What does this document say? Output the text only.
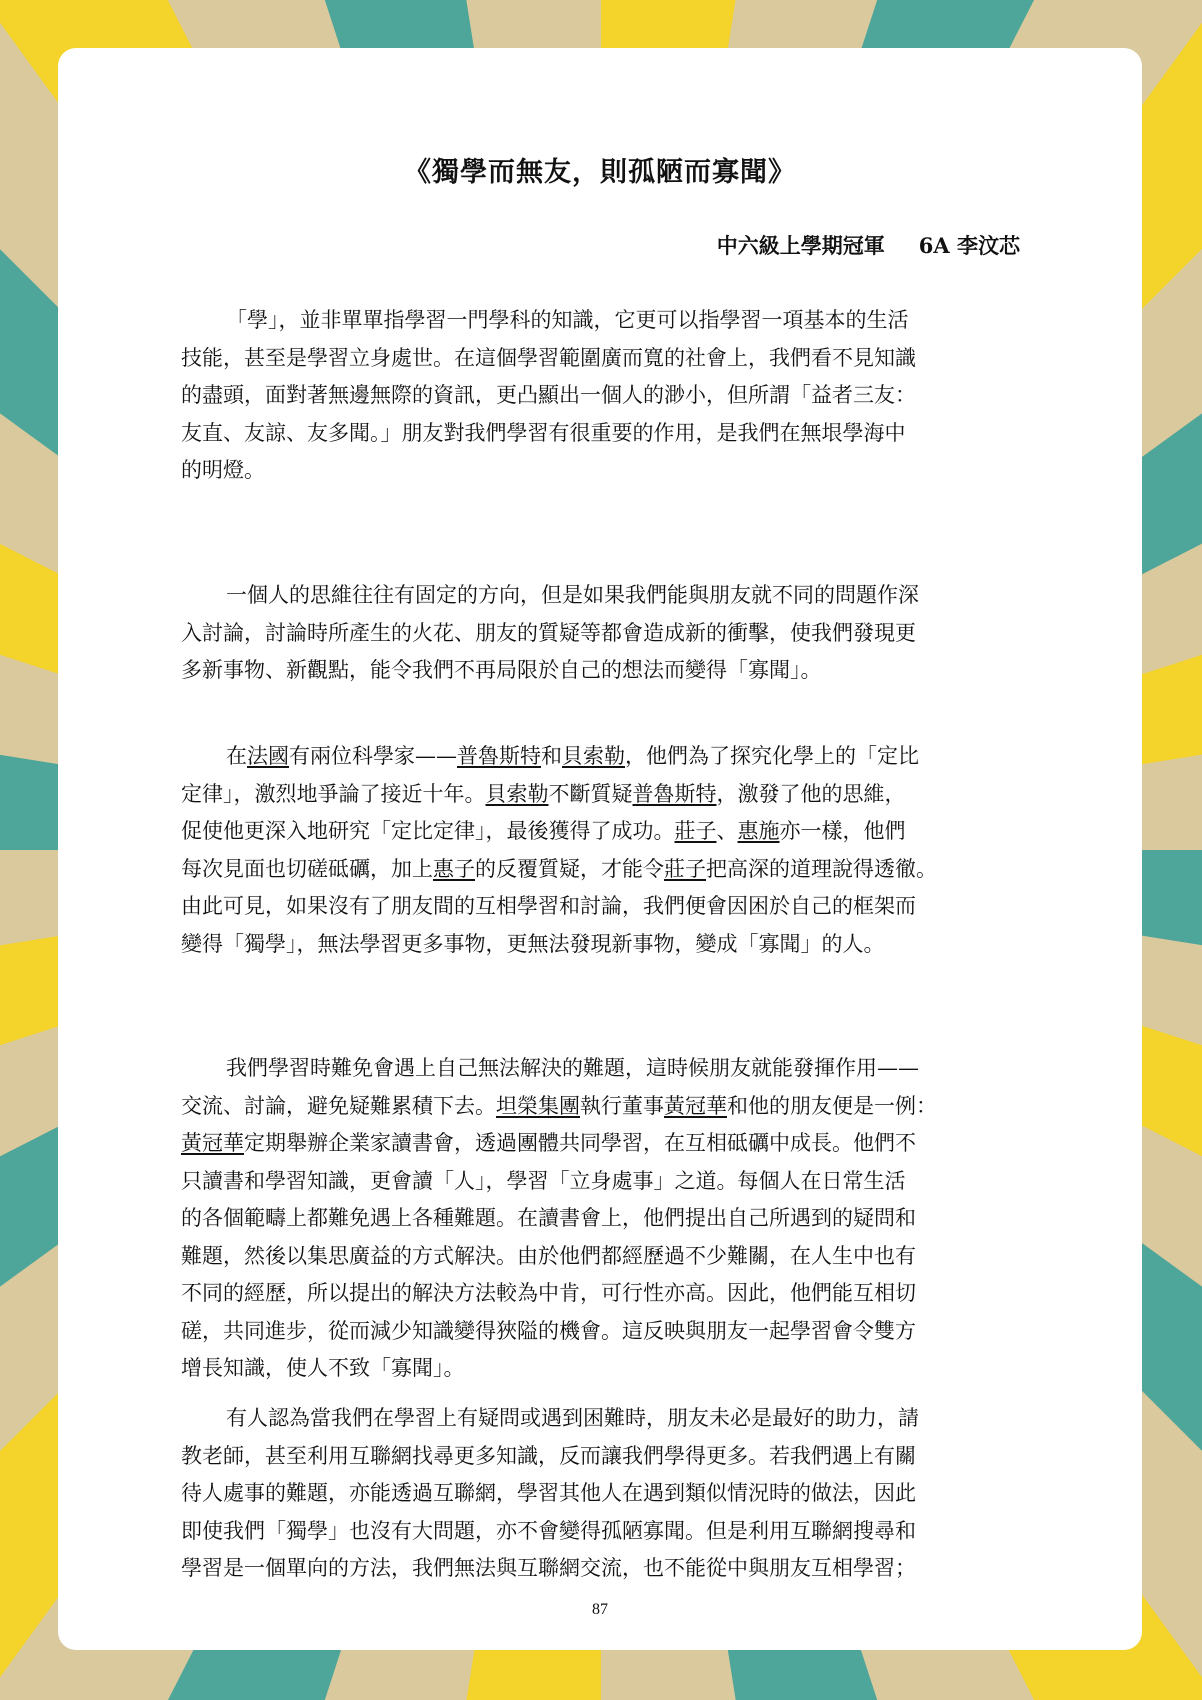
《獨學而無友，則孤陋而寡聞》
中六級上學期冠軍 6A 李汶芯
「學」，並非單單指學習一門學科的知識，它更可以指學習一項基本的生活
技能，甚至是學習立身處世。在這個學習範圍廣而寬的社會上，我們看不見知識
的盡頭，面對著無邊無際的資訊，更凸顯出一個人的渺小，但所謂「益者三友：
友直、友諒、友多聞。」朋友對我們學習有很重要的作用，是我們在無垠學海中
的明燈。
一個人的思維往往有固定的方向，但是如果我們能與朋友就不同的問題作深
入討論，討論時所產生的火花、朋友的質疑等都會造成新的衝擊，使我們發現更
多新事物、新觀點，能令我們不再局限於自己的想法而變得「寡聞」。
在法國有兩位科學家——普魯斯特和貝索勒，他們為了探究化學上的「定比
定律」，激烈地爭論了接近十年。貝索勒不斷質疑普魯斯特，激發了他的思維，
促使他更深入地研究「定比定律」，最後獲得了成功。莊子、惠施亦一樣，他們
每次見面也切磋砥礪，加上惠子的反覆質疑，才能令莊子把高深的道理說得透徹。
由此可見，如果沒有了朋友間的互相學習和討論，我們便會因困於自己的框架而
變得「獨學」，無法學習更多事物，更無法發現新事物，變成「寡聞」的人。
我們學習時難免會遇上自己無法解決的難題，這時候朋友就能發揮作用——
交流、討論，避免疑難累積下去。坦榮集團執行董事黃冠華和他的朋友便是一例：
黃冠華定期舉辦企業家讀書會，透過團體共同學習，在互相砥礪中成長。他們不
只讀書和學習知識，更會讀「人」，學習「立身處事」之道。每個人在日常生活
的各個範疇上都難免遇上各種難題。在讀書會上，他們提出自己所遇到的疑問和
難題，然後以集思廣益的方式解決。由於他們都經歷過不少難關，在人生中也有
不同的經歷，所以提出的解決方法較為中肯，可行性亦高。因此，他們能互相切
磋，共同進步，從而減少知識變得狹隘的機會。這反映與朋友一起學習會令雙方
增長知識，使人不致「寡聞」。
有人認為當我們在學習上有疑問或遇到困難時，朋友未必是最好的助力，請
教老師，甚至利用互聯網找尋更多知識，反而讓我們學得更多。若我們遇上有關
待人處事的難題，亦能透過互聯網，學習其他人在遇到類似情況時的做法，因此
即使我們「獨學」也沒有大問題，亦不會變得孤陋寡聞。但是利用互聯網搜尋和
學習是一個單向的方法，我們無法與互聯網交流，也不能從中與朋友互相學習；
87
